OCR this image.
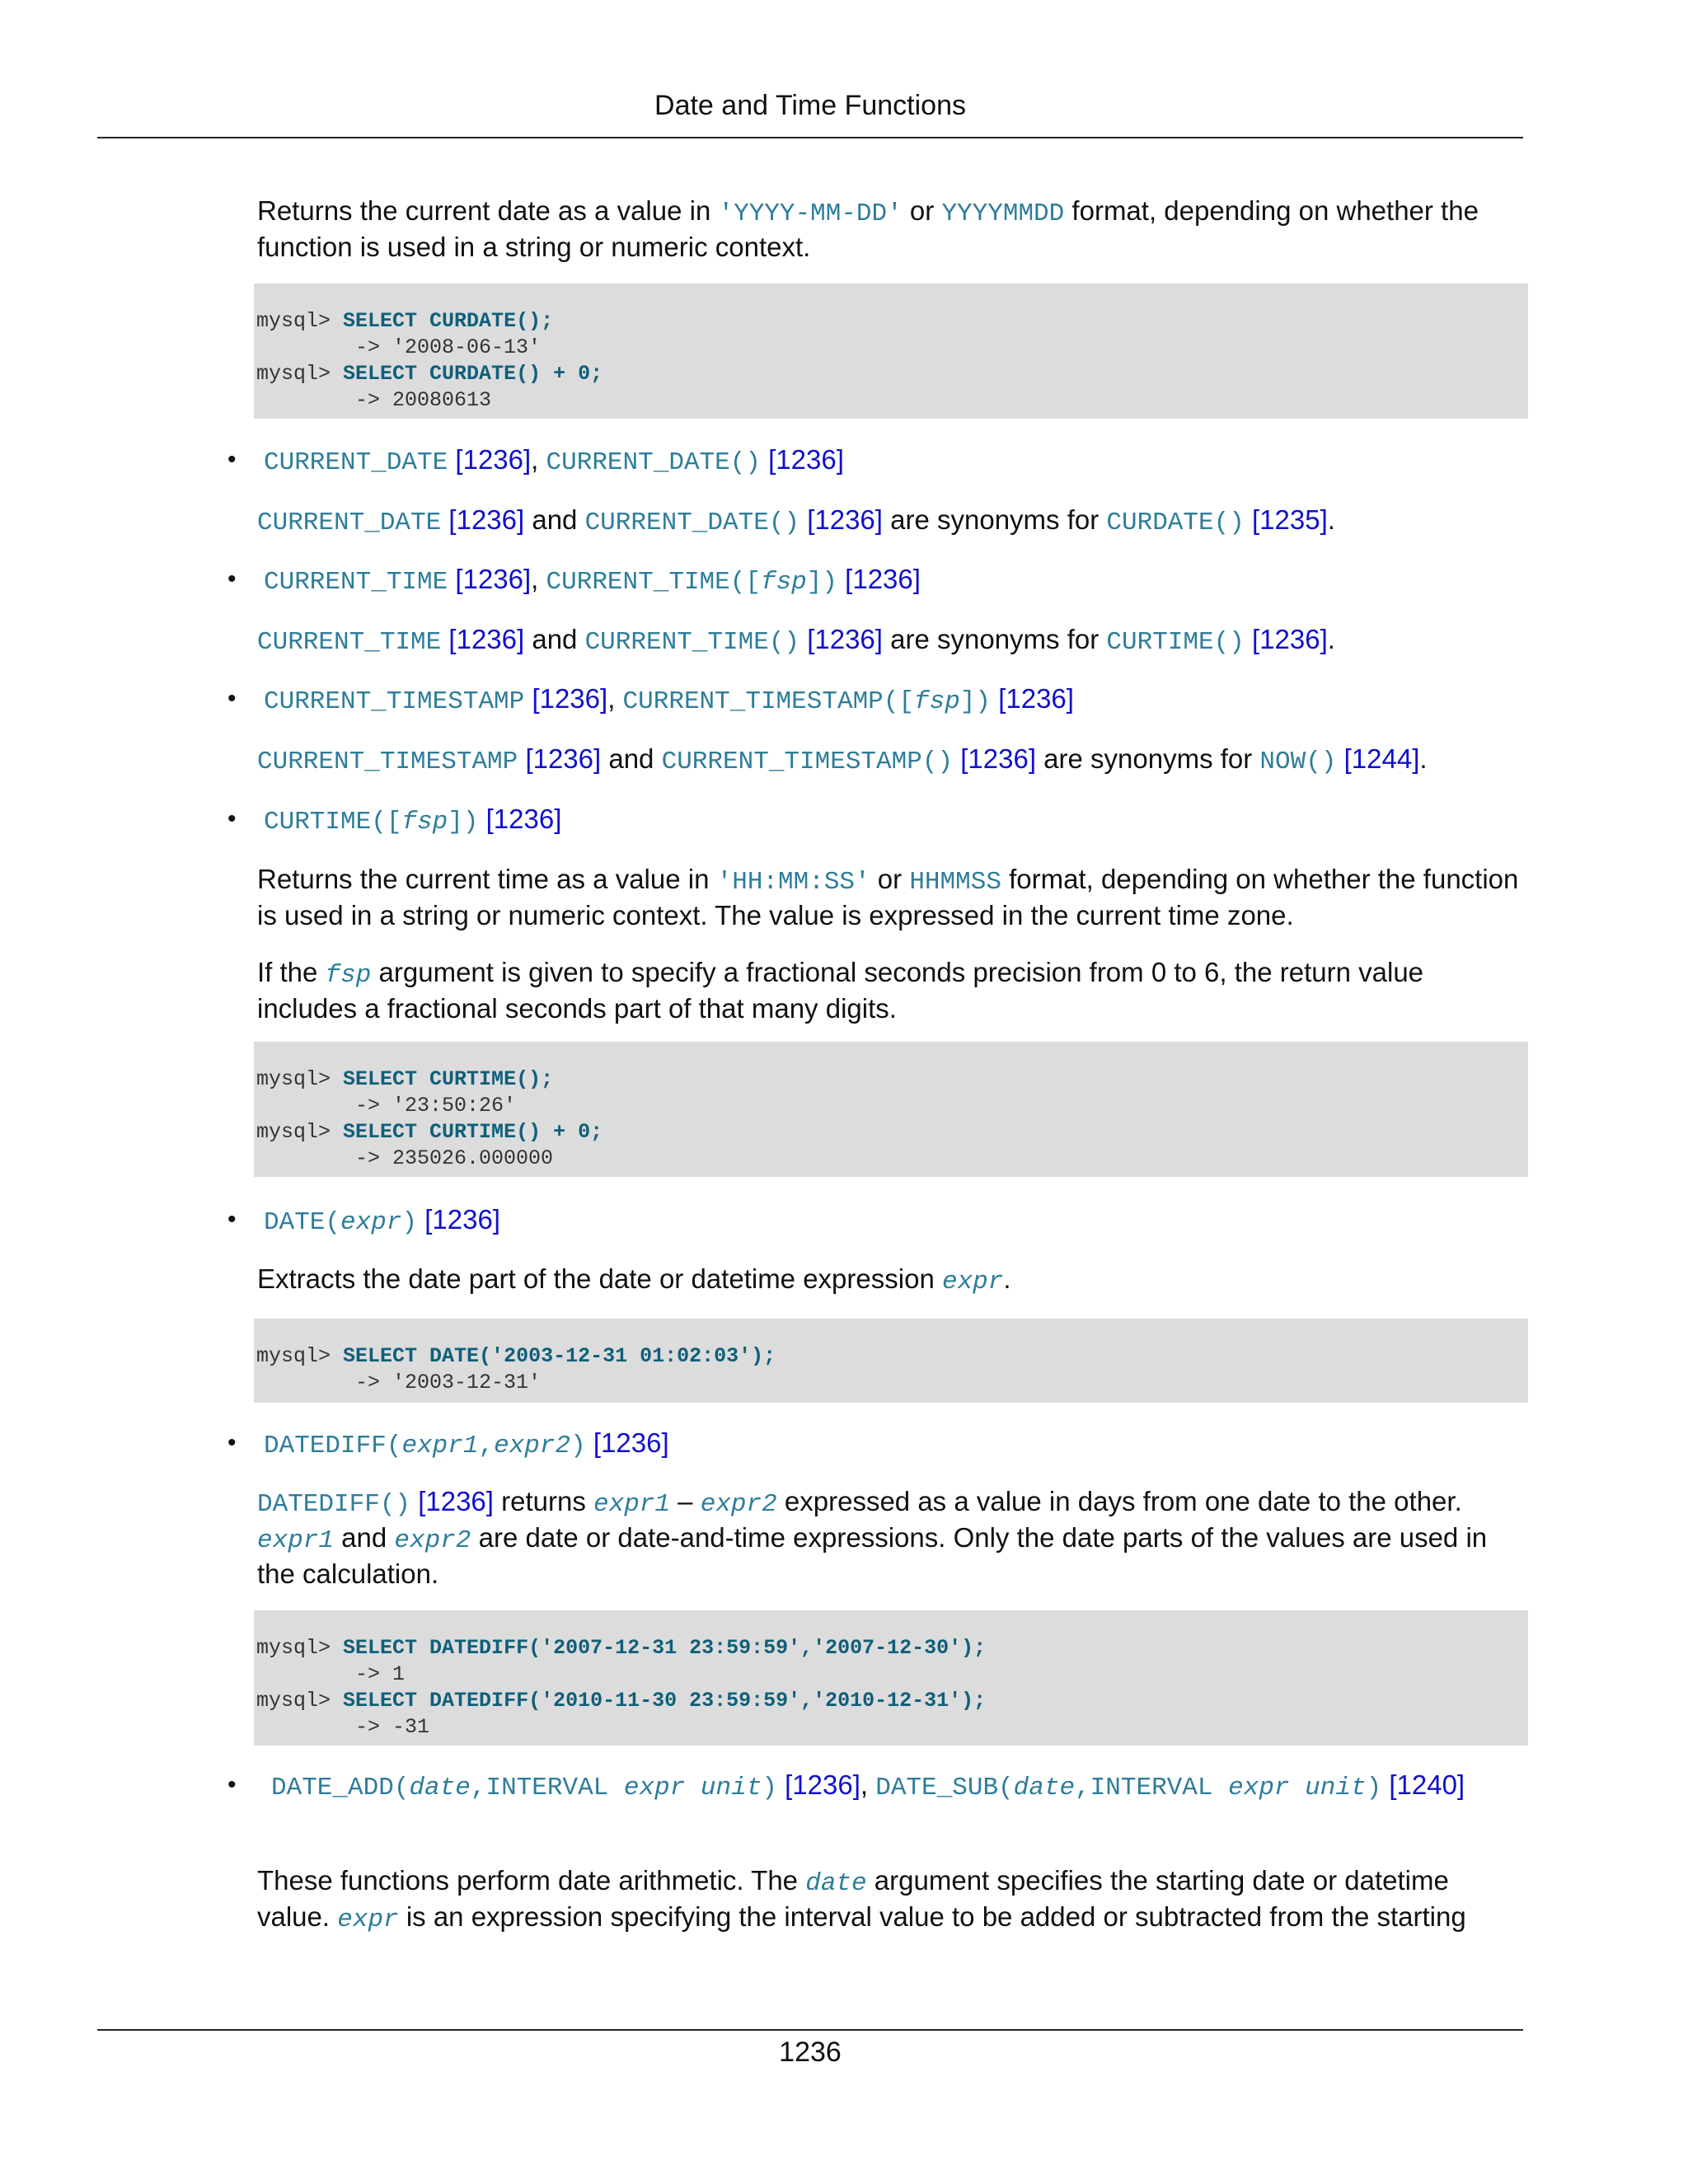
Date and Time Functions
Returns the current date as a value in 'YYYY-MM-DD' or YYYYMMDD format, depending on whether the function is used in a string or numeric context.
mysql> SELECT CURDATE();
-> '2008-06-13'
mysql> SELECT CURDATE() + 0;
-> 20080613
•	CURRENT_DATE [1236], CURRENT_DATE() [1236]
CURRENT_DATE [1236] and CURRENT_DATE() [1236] are synonyms for CURDATE() [1235].
•	CURRENT_TIME [1236], CURRENT_TIME([fsp]) [1236]
CURRENT_TIME [1236] and CURRENT_TIME() [1236] are synonyms for CURTIME() [1236].
•	CURRENT_TIMESTAMP [1236], CURRENT_TIMESTAMP([fsp]) [1236]
CURRENT_TIMESTAMP [1236] and CURRENT_TIMESTAMP() [1236] are synonyms for NOW() [1244].
•	CURTIME([fsp]) [1236]
Returns the current time as a value in 'HH:MM:SS' or HHMMSS format, depending on whether the function is used in a string or numeric context. The value is expressed in the current time zone.
If the fsp argument is given to specify a fractional seconds precision from 0 to 6, the return value includes a fractional seconds part of that many digits.
mysql> SELECT CURTIME();
-> '23:50:26'
mysql> SELECT CURTIME() + 0;
-> 235026.000000
•	DATE(expr) [1236]
Extracts the date part of the date or datetime expression expr.
mysql> SELECT DATE('2003-12-31 01:02:03');
-> '2003-12-31'
•	DATEDIFF(expr1,expr2) [1236]
DATEDIFF() [1236] returns expr1 – expr2 expressed as a value in days from one date to the other. expr1 and expr2 are date or date-and-time expressions. Only the date parts of the values are used in the calculation.
mysql> SELECT DATEDIFF('2007-12-31 23:59:59','2007-12-30');
-> 1
mysql> SELECT DATEDIFF('2010-11-30 23:59:59','2010-12-31');
-> -31
•	DATE_ADD(date,INTERVAL expr unit) [1236], DATE_SUB(date,INTERVAL expr unit) [1240]
These functions perform date arithmetic. The date argument specifies the starting date or datetime value. expr is an expression specifying the interval value to be added or subtracted from the starting
1236
